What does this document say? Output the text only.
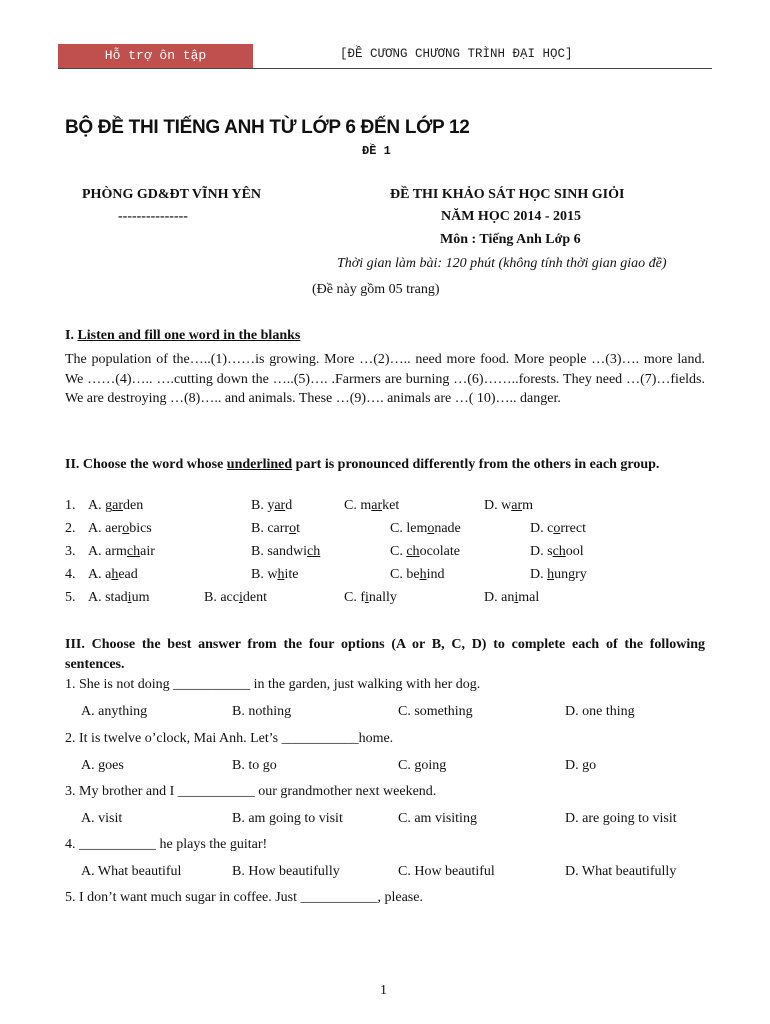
Hỗ trợ ôn tập	[ĐỀ CƯƠNG CHƯƠNG TRÌNH ĐẠI HỌC]
BỘ ĐỀ THI TIẾNG ANH TỪ LỚP 6 ĐẾN LỚP 12
ĐỀ 1
PHÒNG GD&ĐT VĨNH YÊN
---------------
ĐỀ THI KHẢO SÁT HỌC SINH GIỎI
NĂM HỌC 2014 - 2015
Môn : Tiếng Anh Lớp 6
Thời gian làm bài: 120 phút (không tính thời gian giao đề)
(Đề này gồm 05 trang)
I. Listen and fill one word in the blanks
The population of the…..(1)……is growing. More …(2)….. need more food. More people …(3)…. more land. We ……(4)….. ….cutting down the …..(5)…. .Farmers are burning …(6)……..forests. They need …(7)…fields. We are destroying …(8)….. and animals. These …(9)…. animals are …( 10)….. danger.
II. Choose the word whose underlined part is pronounced differently from the others in each group.
1. A. garden	B. yard	C. market	D. warm
2. A. aerobics	B. carrot	C. lemonade	D. correct
3. A. armchair	B. sandwich	C. chocolate	D. school
4. A. ahead	B. white	C. behind	D. hungry
5. A. stadium	B. accident	C. finally	D. animal
III. Choose the best answer from the four options (A or B, C, D) to complete each of the following sentences.
1. She is not doing ___________ in the garden, just walking with her dog.
A. anything	B. nothing	C. something	D. one thing
2. It is twelve o’clock, Mai Anh. Let’s ___________home.
A. goes	B. to go	C. going	D. go
3. My brother and I ___________ our grandmother next weekend.
A. visit	B. am going to visit	C. am visiting	D. are going to visit
4. ___________ he plays the guitar!
A. What beautiful	B. How beautifully	C. How beautiful	D. What beautifully
5. I don’t want much sugar in coffee. Just ___________, please.
1
